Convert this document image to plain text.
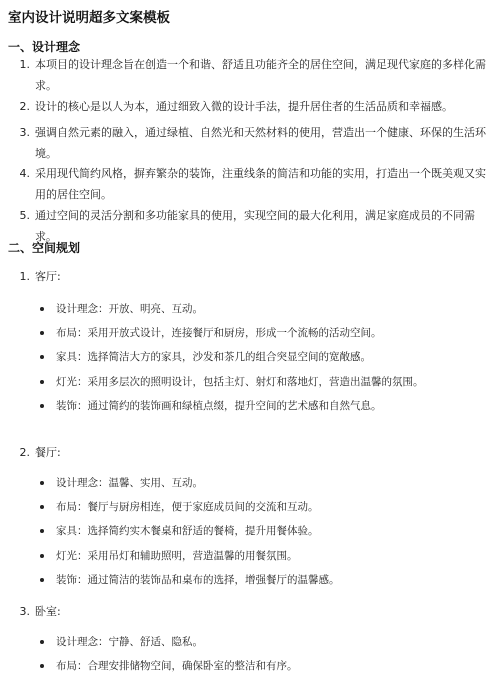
室内设计说明超多文案模板
一、设计理念
1. 本项目的设计理念旨在创造一个和谐、舒适且功能齐全的居住空间，满足现代家庭的多样化需求。
2. 设计的核心是以人为本，通过细致入微的设计手法，提升居住者的生活品质和幸福感。
3. 强调自然元素的融入，通过绿植、自然光和天然材料的使用，营造出一个健康、环保的生活环境。
4. 采用现代简约风格，摒弃繁杂的装饰，注重线条的简洁和功能的实用，打造出一个既美观又实用的居住空间。
5. 通过空间的灵活分割和多功能家具的使用，实现空间的最大化利用，满足家庭成员的不同需求。
二、空间规划
1. 客厅:
设计理念：开放、明亮、互动。
布局：采用开放式设计，连接餐厅和厨房，形成一个流畅的活动空间。
家具：选择简洁大方的家具，沙发和茶几的组合突显空间的宽敞感。
灯光：采用多层次的照明设计，包括主灯、射灯和落地灯，营造出温馨的氛围。
装饰：通过简约的装饰画和绿植点缀，提升空间的艺术感和自然气息。
2. 餐厅:
设计理念：温馨、实用、互动。
布局：餐厅与厨房相连，便于家庭成员间的交流和互动。
家具：选择简约实木餐桌和舒适的餐椅，提升用餐体验。
灯光：采用吊灯和辅助照明，营造温馨的用餐氛围。
装饰：通过简洁的装饰品和桌布的选择，增强餐厅的温馨感。
3. 卧室:
设计理念：宁静、舒适、隐私。
布局：合理安排储物空间，确保卧室的整洁和有序。
